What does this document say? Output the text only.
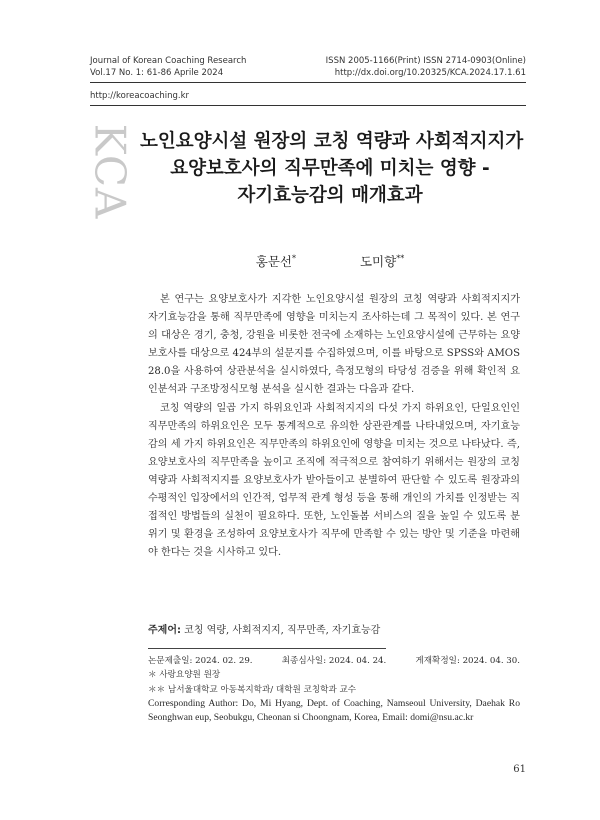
Journal of Korean Coaching Research
Vol.17 No. 1: 61-86 Aprile 2024
ISSN 2005-1166(Print) ISSN 2714-0903(Online)
http://dx.doi.org/10.20325/KCA.2024.17.1.61
http://koreacoaching.kr
KCA 노인요양시설 원장의 코칭 역량과 사회적지지가
요양보호사의 직무만족에 미치는 영향 -
자기효능감의 매개효과
홍문선*	도미향**

본 연구는 요양보호사가 지각한 노인요양시설 원장의 코칭 역량과 사회적지지가 자기효능감을 통해 직무만족에 영향을 미치는지 조사하는데 그 목적이 있다. 본 연구의 대상은 경기, 충청, 강원을 비롯한 전국에 소재하는 노인요양시설에 근무하는 요양보호사를 대상으로 424부의 설문지를 수집하였으며, 이를 바탕으로 SPSS와 AMOS 28.0을 사용하여 상관분석을 실시하였다, 측정모형의 타당성 검증을 위해 확인적 요인분석과 구조방정식모형 분석을 실시한 결과는 다음과 같다.

코칭 역량의 일곱 가지 하위요인과 사회적지지의 다섯 가지 하위요인, 단일요인인 직무만족의 하위요인은 모두 통계적으로 유의한 상관관계를 나타내었으며, 자기효능감의 세 가지 하위요인은 직무만족의 하위요인에 영향을 미치는 것으로 나타났다. 즉, 요양보호사의 직무만족을 높이고 조직에 적극적으로 참여하기 위해서는 원장의 코칭 역량과 사회적지지를 요양보호사가 받아들이고 분별하여 판단할 수 있도록 원장과의 수평적인 입장에서의 인간적, 업무적 관계 형성 등을 통해 개인의 가치를 인정받는 직접적인 방법들의 실천이 필요하다. 또한, 노인돌봄 서비스의 질을 높일 수 있도록 분위기 및 환경을 조성하여 요양보호사가 직무에 만족할 수 있는 방안 및 기준을 마련해야 한다는 것을 시사하고 있다.

주제어: 코칭 역량, 사회적지지, 직무만족, 자기효능감
논문제출일: 2024. 02. 29.	최종심사일: 2024. 04. 24.	게재확정일: 2024. 04. 30.
＊ 사랑요양원 원장
＊＊ 남서울대학교 아동복지학과/ 대학원 코칭학과 교수
Corresponding Author: Do, Mi Hyang, Dept. of Coaching, Namseoul University, Daehak Ro Seonghwan eup, Seobukgu, Cheonan si Choongnam, Korea, Email: domi@nsu.ac.kr
61
